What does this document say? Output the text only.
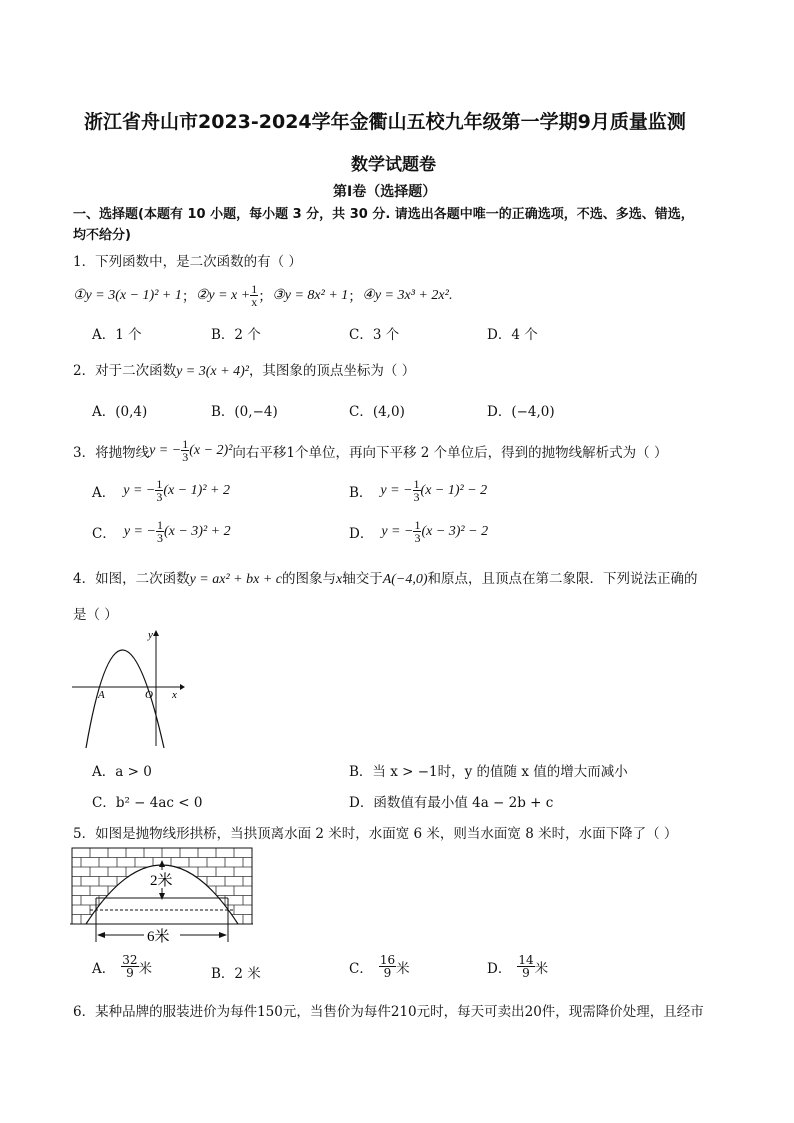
浙江省舟山市2023-2024学年金衢山五校九年级第一学期9月质量监测
数学试题卷
第Ⅰ卷（选择题）
一、选择题(本题有 10 小题，每小题 3 分，共 30 分. 请选出各题中唯一的正确选项，不选、多选、错选，
均不给分)
1．下列函数中，是二次函数的有（ ）
①y = 3(x − 1)² + 1 ； ②y = $x + \frac{1}{x}$ ； ③y = 8x² + 1 ； ④y = 3x³ + 2x² .
A．1 个	B．2 个	C．3 个	D．4 个
2．对于二次函数y = 3(x + 4)²，其图象的顶点坐标为（ ）
A．(0,4)	B．(0,−4)	C．(4,0)	D．(−4,0)
3．将抛物线 y = − $\frac{1}{3} (x - 2)^2$ 向右平移1个单位，再向下平移 2 个单位后，得到的抛物线解析式为（ ）
A． y = − $\frac{1}{3} (x - 1)^2 + 2$	B． y = − $\frac{1}{3} (x - 1)^2 - 2$
C． y = − $\frac{1}{3} (x - 3)^2 + 2$	D． y = − $\frac{1}{3} (x - 3)^2 - 2$
4．如图，二次函数y = ax² + bx + c的图象与x轴交于A(−4,0)和原点，且顶点在第二象限．下列说法正确的
是（ ）
y
x
A	O
A．a > 0	B．当 x > −1时，y 的值随 x 值的增大而减小
C．b² − 4ac < 0	D．函数值有最小值 4a − 2b + c
5．如图是抛物线形拱桥，当拱顶离水面 2 米时，水面宽 6 米，则当水面宽 8 米时，水面下降了（ ）
2米
6米
A． $\frac{32}{9}$ 米	B．2 米	C． $\frac{16}{9}$ 米	D． $\frac{14}{9}$ 米
6．某种品牌的服装进价为每件150元，当售价为每件210元时，每天可卖出20件，现需降价处理，且经市
